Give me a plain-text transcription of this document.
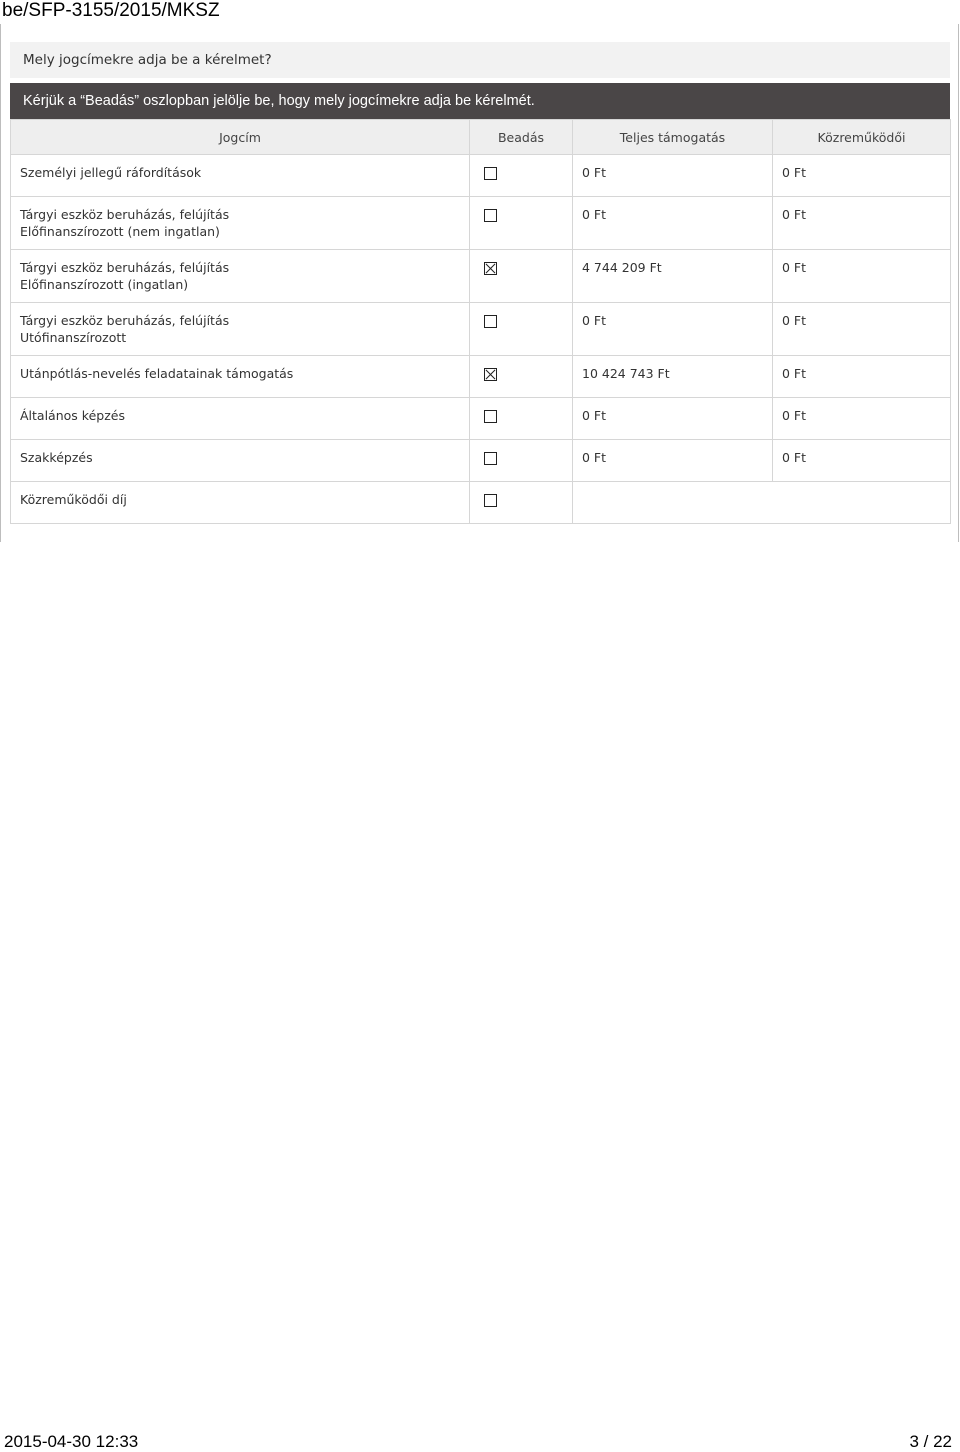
be/SFP-3155/2015/MKSZ
Mely jogcímekre adja be a kérelmet?
Kérjük a “Beadás” oszlopban jelölje be, hogy mely jogcímekre adja be kérelmét.
Jogcím	Beadás	Teljes támogatás	Közreműködői

Személyi jellegű ráfordítások		0 Ft	0 Ft

Tárgyi eszköz beruházás, felújítás
Előfinanszírozott (nem ingatlan)		0 Ft	0 Ft

Tárgyi eszköz beruházás, felújítás
Előfinanszírozott (ingatlan)		4 744 209 Ft	0 Ft

Tárgyi eszköz beruházás, felújítás
Utófinanszírozott		0 Ft	0 Ft

Utánpótlás-nevelés feladatainak támogatás		10 424 743 Ft	0 Ft

Általános képzés		0 Ft	0 Ft

Szakképzés		0 Ft	0 Ft

Közreműködői díj			

2015-04-30 12:33	3 / 22
